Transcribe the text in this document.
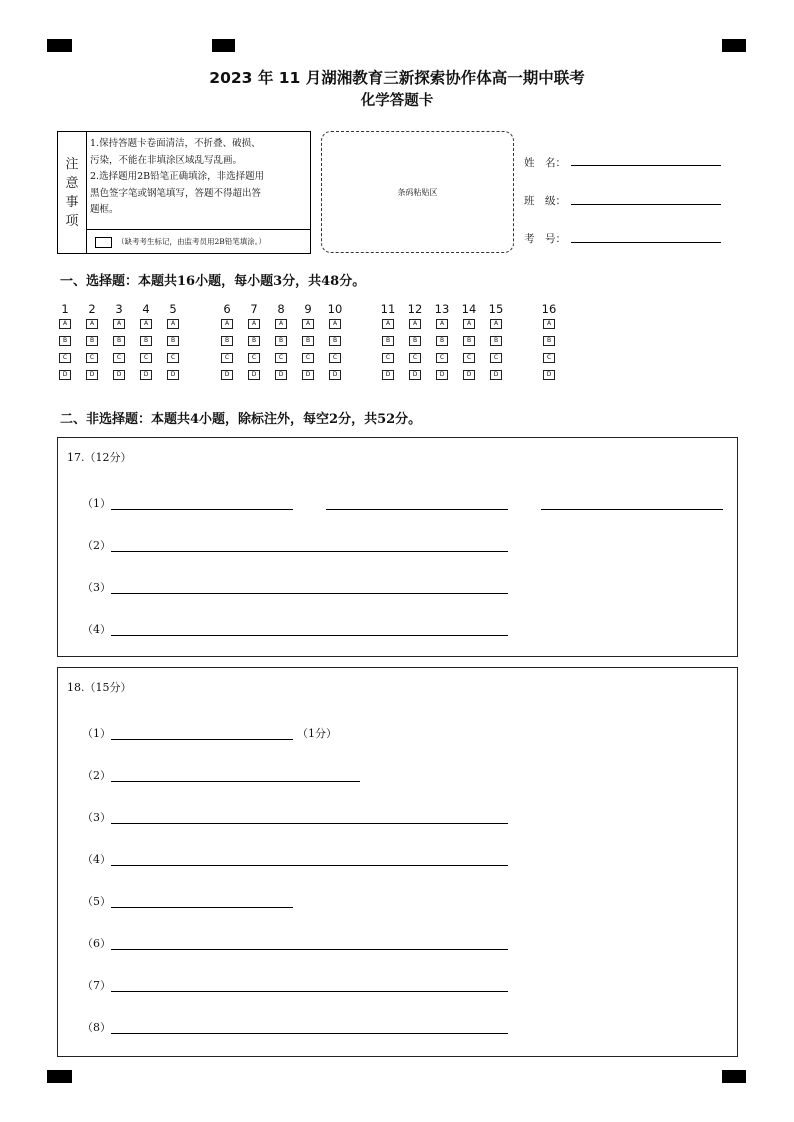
2023 年 11 月湖湘教育三新探索协作体高一期中联考
化学答题卡
注
意
事
项
1.保持答题卡卷面清洁，不折叠、破损、
污染，不能在非填涂区域乱写乱画。
2.选择题用2B铅笔正确填涂，非选择题用
黑色签字笔或钢笔填写，答题不得超出答
题框。
（缺考考生标记，由监考员用2B铅笔填涂。）
条码粘贴区
姓　名：
班　级：
考　号：
一、选择题：本题共16小题，每小题3分，共48分。
1
A
B
C
D
2
A
B
C
D
3
A
B
C
D
4
A
B
C
D
5
A
B
C
D
6
A
B
C
D
7
A
B
C
D
8
A
B
C
D
9
A
B
C
D
10
A
B
C
D
11
A
B
C
D
12
A
B
C
D
13
A
B
C
D
14
A
B
C
D
15
A
B
C
D
16
A
B
C
D
二、非选择题：本题共4小题，除标注外，每空2分，共52分。
17.（12分）
（1）
（2）
（3）
（4）
18.（15分）
（1）	（1分）
（2）
（3）
（4）
（5）
（6）
（7）
（8）
